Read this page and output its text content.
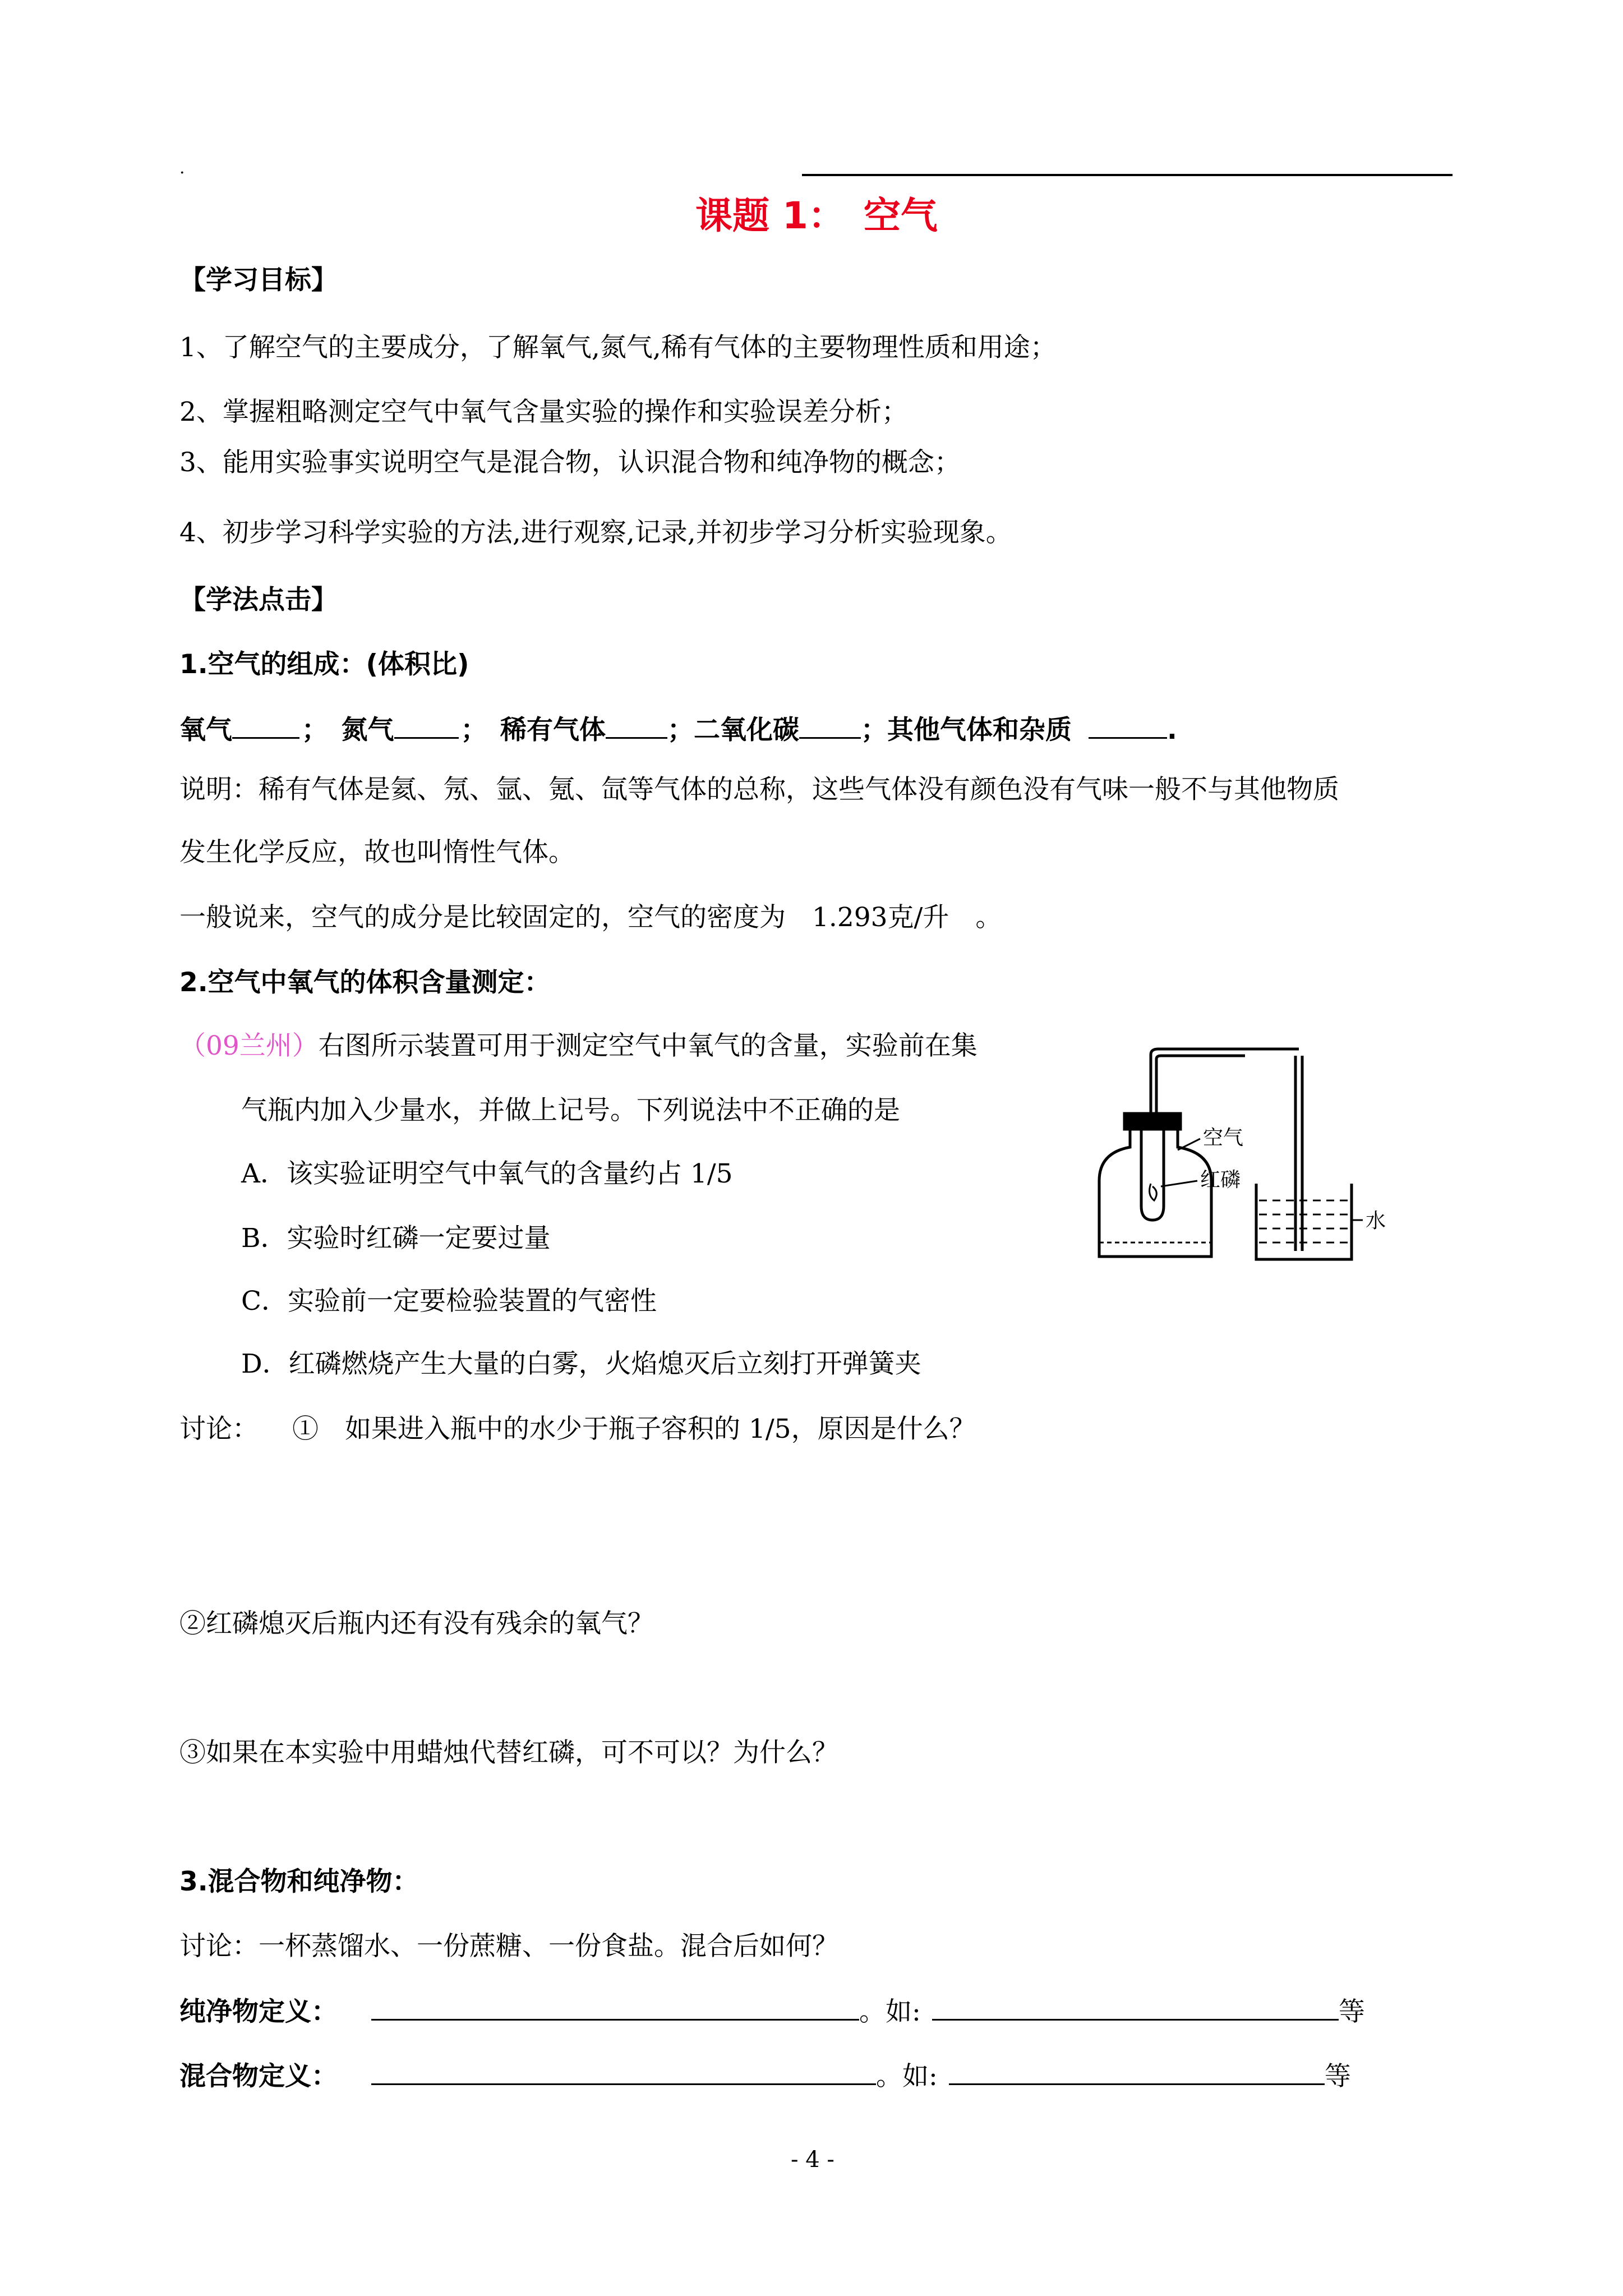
.
课题 1：　空气
【学习目标】
1、了解空气的主要成分，了解氧气,氮气,稀有气体的主要物理性质和用途；
2、掌握粗略测定空气中氧气含量实验的操作和实验误差分析；
3、能用实验事实说明空气是混合物，认识混合物和纯净物的概念；
4、初步学习科学实验的方法,进行观察,记录,并初步学习分析实验现象。
【学法点击】
1.空气的组成：(体积比)
氧气	；　氮气	；　稀有气体 ；二氧化碳 ；其他气体和杂质	.
说明：稀有气体是氦、氖、氩、氪、氙等气体的总称，这些气体没有颜色没有气味一般不与其他物质
发生化学反应，故也叫惰性气体。
一般说来，空气的成分是比较固定的，空气的密度为　1.293克/升　。
2.空气中氧气的体积含量测定：
（09兰州）右图所示装置可用于测定空气中氧气的含量，实验前在集
气瓶内加入少量水，并做上记号。下列说法中不正确的是
A．该实验证明空气中氧气的含量约占 1/5
B．实验时红磷一定要过量
C．实验前一定要检验装置的气密性
D．红磷燃烧产生大量的白雾，火焰熄灭后立刻打开弹簧夹
空气
红磷
水
讨论： ①　如果进入瓶中的水少于瓶子容积的 1/5，原因是什么？
②红磷熄灭后瓶内还有没有残余的氧气？
③如果在本实验中用蜡烛代替红磷，可不可以？为什么？
3.混合物和纯净物：
讨论：一杯蒸馏水、一份蔗糖、一份食盐。混合后如何？
纯净物定义：	。如:	等
混合物定义：	。如:	等
- 4 -
